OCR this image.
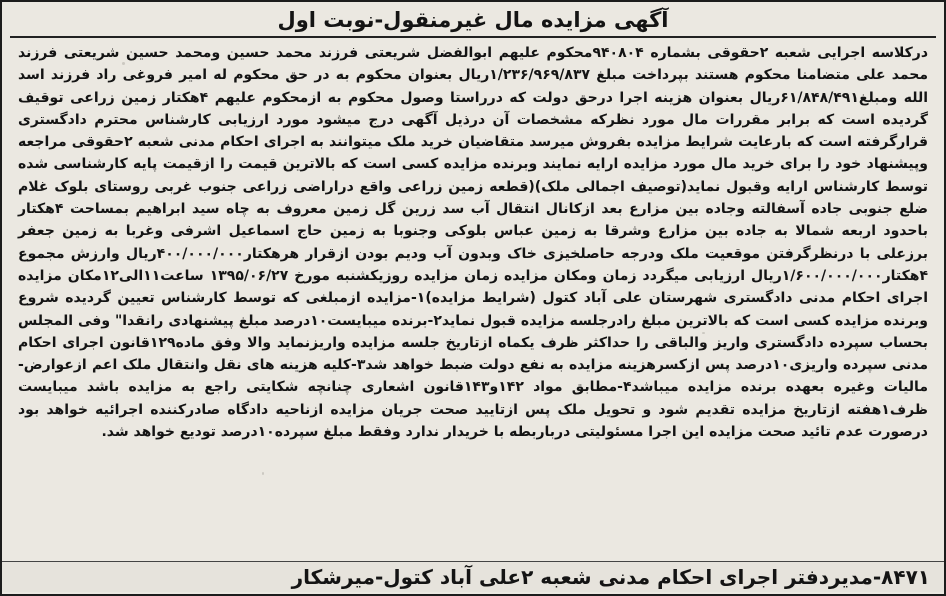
آگهی مزایده مال غیرمنقول-نوبت اول
درکلاسه اجرایی شعبه ۲حقوقی بشماره ۹۴۰۸۰۴محکوم علیهم ابوالفضل شریعتی فرزند محمد حسین ومحمد حسین شریعتی فرزند محمد علی متضامنا محکوم هستند بپرداخت مبلغ ۱/۲۳۶/۹۶۹/۸۳۷ریال بعنوان محکوم به در حق محکوم له امیر فروغی راد فرزند اسد الله ومبلغ۶۱/۸۴۸/۴۹۱ریال بعنوان هزینه اجرا درحق دولت که درراستا وصول محکوم به ازمحکوم علیهم ۴هکتار زمین زراعی توقیف گردیده است که برابر مقررات مال مورد نظرکه مشخصات آن درذیل آگهی درج میشود مورد ارزیابی کارشناس محترم دادگستری قرارگرفته است که بارعایت شرایط مزایده بفروش میرسد متقاضیان خرید ملک میتوانند به اجرای احکام مدنی شعبه ۲حقوقی مراجعه وپیشنهاد خود را برای خرید مال مورد مزایده ارایه نمایند وبرنده مزایده کسی است که بالاترین قیمت را ازقیمت پایه کارشناسی شده توسط کارشناس ارایه وقبول نماید(توصیف اجمالی ملک)(قطعه زمین زراعی واقع دراراضی زراعی جنوب غربی روستای بلوک غلام ضلع جنوبی جاده آسفالته وجاده بین مزارع بعد ازکانال انتقال آب سد زرین گل زمین معروف به چاه سید ابراهیم بمساحت ۴هکتار باحدود اربعه شمالا به جاده بین مزارع وشرقا به زمین عباس بلوکی وجنوبا به زمین حاج اسماعیل اشرفی وغربا به زمین جعفر برزعلی با درنظرگرفتن موقعیت ملک ودرجه حاصلخیزی خاک وبدون آب ودیم بودن ازقرار هرهکتار۴۰۰/۰۰۰/۰۰۰ریال وارزش مجموع ۴هکتار۱/۶۰۰/۰۰۰/۰۰۰ریال ارزیابی میگردد زمان ومکان مزایده زمان مزایده روزیکشنبه مورخ ۱۳۹۵/۰۶/۲۷ ساعت۱۱الی۱۲مکان مزایده اجرای احکام مدنی دادگستری شهرستان علی آباد کتول (شرایط مزایده)۱-مزایده ازمبلغی که توسط کارشناس تعیین گردیده شروع وبرنده مزایده کسی است که بالاترین مبلغ رادرجلسه مزایده قبول نماید۲-برنده میبایست۱۰درصد مبلغ پیشنهادی رانقدا" وفی المجلس بحساب سپرده دادگستری واریز والباقی را حداکثر ظرف یکماه ازتاریخ جلسه مزایده واریزنماید والا وفق ماده۱۲۹قانون اجرای احکام مدنی سپرده واریزی۱۰درصد پس ازکسرهزینه مزایده به نفع دولت ضبط خواهد شد۳-کلیه هزینه های نقل وانتقال ملک اعم ازعوارض-مالیات وغیره بعهده برنده مزایده میباشد۴-مطابق مواد ۱۴۲و۱۴۳قانون اشعاری چنانچه شکایتی راجع به مزایده باشد میبایست ظرف۱هفته ازتاریخ مزایده تقدیم شود و تحویل ملک پس ازتایید صحت جریان مزایده ازناحیه دادگاه صادرکننده اجرائیه خواهد بود درصورت عدم تائید صحت مزایده این اجرا مسئولیتی درباربطه با خریدار ندارد وفقط مبلغ سپرده۱۰درصد تودیع خواهد شد.
۸۴۷۱-مدیردفتر اجرای احکام مدنی شعبه ۲علی آباد کتول-میرشکار
